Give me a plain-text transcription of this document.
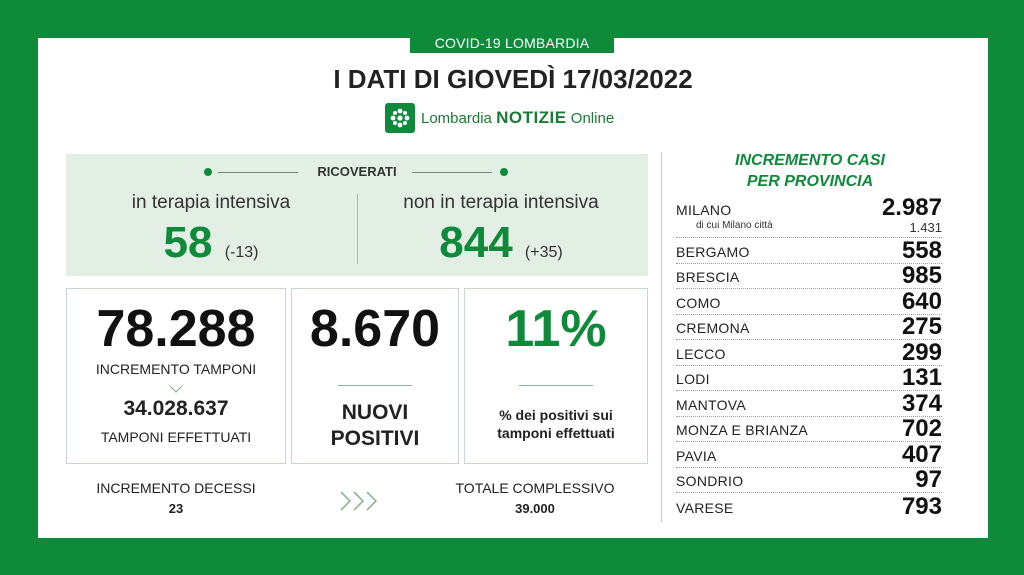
COVID-19 LOMBARDIA
I DATI DI GIOVEDÌ 17/03/2022
Lombardia NOTIZIE Online
RICOVERATI
in terapia intensiva
58 (-13)
non in terapia intensiva
844 (+35)
78.288
INCREMENTO TAMPONI
34.028.637
TAMPONI EFFETTUATI
8.670
NUOVI
POSITIVI
11%
% dei positivi sui
tamponi effettuati
INCREMENTO DECESSI
23
TOTALE COMPLESSIVO
39.000
INCREMENTO CASI
PER PROVINCIA
MILANO	2.987
di cui Milano città	1.431
BERGAMO	558
BRESCIA	985
COMO	640
CREMONA	275
LECCO	299
LODI	131
MANTOVA	374
MONZA E BRIANZA	702
PAVIA	407
SONDRIO	97
VARESE	793
